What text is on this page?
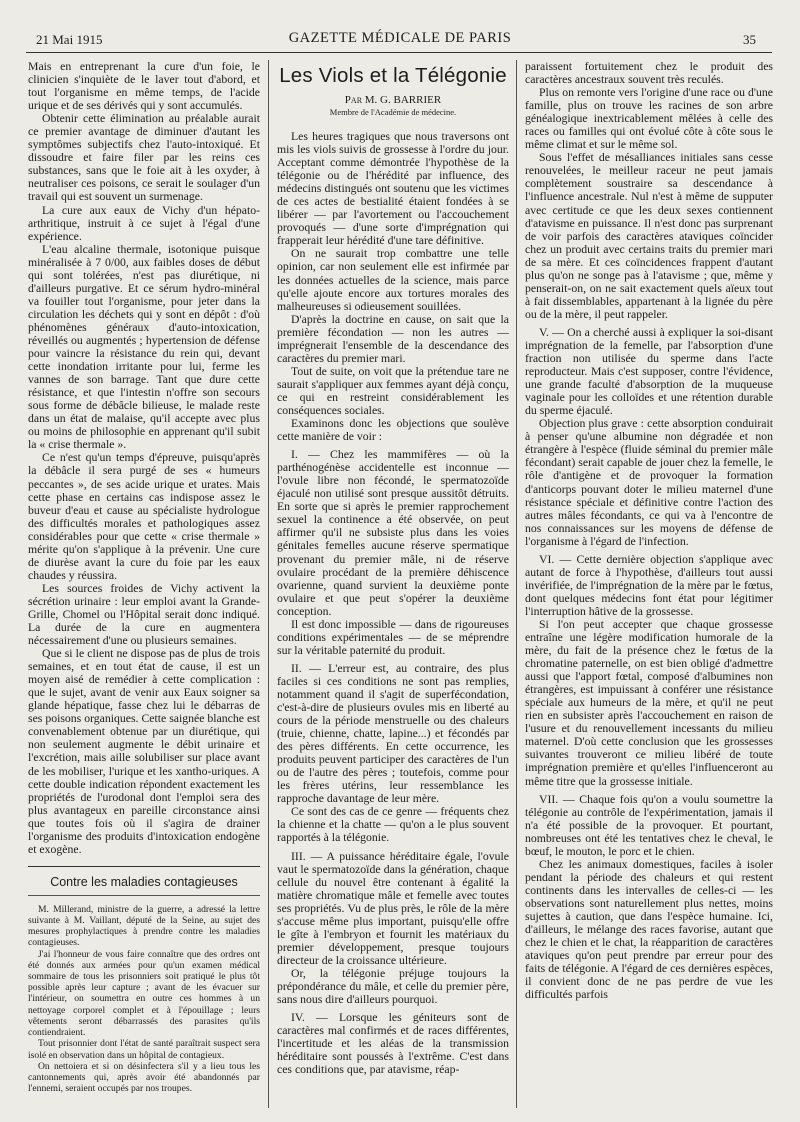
21 Mai 1915	GAZETTE MÉDICALE DE PARIS	35

Mais en entreprenant la cure d'un foie, le clinicien s'inquiète de le laver tout d'abord, et tout l'organisme en même temps, de l'acide urique et de ses dérivés qui y sont accumulés.

Obtenir cette élimination au préalable aurait ce premier avantage de diminuer d'autant les symptômes subjectifs chez l'auto-intoxiqué. Et dissoudre et faire filer par les reins ces substances, sans que le foie ait à les oxyder, à neutraliser ces poisons, ce serait le soulager d'un travail qui est souvent un surmenage.

La cure aux eaux de Vichy d'un hépato-arthritique, instruit à ce sujet à l'égal d'une expérience.

L'eau alcaline thermale, isotonique puisque minéralisée à 7 0/00, aux faibles doses de début qui sont tolérées, n'est pas diurétique, ni d'ailleurs purgative. Et ce sérum hydro-minéral va fouiller tout l'organisme, pour jeter dans la circulation les déchets qui y sont en dépôt : d'où phénomènes généraux d'auto-intoxication, réveillés ou augmentés ; hypertension de défense pour vaincre la résistance du rein qui, devant cette inondation irritante pour lui, ferme les vannes de son barrage. Tant que dure cette résistance, et que l'intestin n'offre son secours sous forme de débâcle bilieuse, le malade reste dans un état de malaise, qu'il accepte avec plus ou moins de philosophie en apprenant qu'il subit la « crise thermale ».

Ce n'est qu'un temps d'épreuve, puisqu'après la débâcle il sera purgé de ses « humeurs peccantes », de ses acide urique et urates. Mais cette phase en certains cas indispose assez le buveur d'eau et cause au spécialiste hydrologue des difficultés morales et pathologiques assez considérables pour que cette « crise thermale » mérite qu'on s'applique à la prévenir. Une cure de diurèse avant la cure du foie par les eaux chaudes y réussira.

Les sources froides de Vichy activent la sécrétion urinaire : leur emploi avant la Grande-Grille, Chomel ou l'Hôpital serait donc indiqué. La durée de la cure en augmentera nécessairement d'une ou plusieurs semaines.

Que si le client ne dispose pas de plus de trois semaines, et en tout état de cause, il est un moyen aisé de remédier à cette complication : que le sujet, avant de venir aux Eaux soigner sa glande hépatique, fasse chez lui le débarras de ses poisons organiques. Cette saignée blanche est convenablement obtenue par un diurétique, qui non seulement augmente le débit urinaire et l'excrétion, mais aille solubiliser sur place avant de les mobiliser, l'urique et les xantho-uriques. A cette double indication répondent exactement les propriétés de l'urodonal dont l'emploi sera des plus avantageux en pareille circonstance ainsi que toutes fois où il s'agira de drainer l'organisme des produits d'intoxication endogène et exogène.

Contre les maladies contagieuses

M. Millerand, ministre de la guerre, a adressé la lettre suivante à M. Vaillant, député de la Seine, au sujet des mesures prophylactiques à prendre contre les maladies contagieuses.

J'ai l'honneur de vous faire connaître que des ordres ont été donnés aux armées pour qu'un examen médical sommaire de tous les prisonniers soit pratiqué le plus tôt possible après leur capture ; avant de les évacuer sur l'intérieur, on soumettra en outre ces hommes à un nettoyage corporel complet et à l'épouillage ; leurs vêtements seront débarrassés des parasites qu'ils contiendraient.

Tout prisonnier dont l'état de santé paraîtrait suspect sera isolé en observation dans un hôpital de contagieux.

On nettoiera et si on désinfectera s'il y a lieu tous les cantonnements qui, après avoir été abandonnés par l'ennemi, seraient occupés par nos troupes.

Les Viols et la Télégonie
Par M. G. BARRIER
Membre de l'Académie de médecine.

Les heures tragiques que nous traversons ont mis les viols suivis de grossesse à l'ordre du jour. Acceptant comme démontrée l'hypothèse de la télégonie ou de l'hérédité par influence, des médecins distingués ont soutenu que les victimes de ces actes de bestialité étaient fondées à se libérer — par l'avortement ou l'accouchement provoqués — d'une sorte d'imprégnation qui frapperait leur hérédité d'une tare définitive.

On ne saurait trop combattre une telle opinion, car non seulement elle est infirmée par les données actuelles de la science, mais parce qu'elle ajoute encore aux tortures morales des malheureuses si odieusement souillées.

D'après la doctrine en cause, on sait que la première fécondation — non les autres — imprégnerait l'ensemble de la descendance des caractères du premier mari.

Tout de suite, on voit que la prétendue tare ne saurait s'appliquer aux femmes ayant déjà conçu, ce qui en restreint considérablement les conséquences sociales.

Examinons donc les objections que soulève cette manière de voir :

I. — Chez les mammifères — où la parthénogénèse accidentelle est inconnue — l'ovule libre non fécondé, le spermatozoïde éjaculé non utilisé sont presque aussitôt détruits. En sorte que si après le premier rapprochement sexuel la continence a été observée, on peut affirmer qu'il ne subsiste plus dans les voies génitales femelles aucune réserve spermatique provenant du premier mâle, ni de réserve ovulaire procédant de la première déhiscence ovarienne, quand survient la deuxième ponte ovulaire et que peut s'opérer la deuxième conception.

Il est donc impossible — dans de rigoureuses conditions expérimentales — de se méprendre sur la véritable paternité du produit.

II. — L'erreur est, au contraire, des plus faciles si ces conditions ne sont pas remplies, notamment quand il s'agit de superfécondation, c'est-à-dire de plusieurs ovules mis en liberté au cours de la période menstruelle ou des chaleurs (truie, chienne, chatte, lapine...) et fécondés par des pères différents. En cette occurrence, les produits peuvent participer des caractères de l'un ou de l'autre des pères ; toutefois, comme pour les frères utérins, leur ressemblance les rapproche davantage de leur mère.

Ce sont des cas de ce genre — fréquents chez la chienne et la chatte — qu'on a le plus souvent rapportés à la télégonie.

III. — A puissance héréditaire égale, l'ovule vaut le spermatozoïde dans la génération, chaque cellule du nouvel être contenant à égalité la matière chromatique mâle et femelle avec toutes ses propriétés. Vu de plus près, le rôle de la mère s'accuse même plus important, puisqu'elle offre le gîte à l'embryon et fournit les matériaux du premier développement, presque toujours directeur de la croissance ultérieure.

Or, la télégonie préjuge toujours la prépondérance du mâle, et celle du premier père, sans nous dire d'ailleurs pourquoi.

IV. — Lorsque les géniteurs sont de caractères mal confirmés et de races différentes, l'incertitude et les aléas de la transmission héréditaire sont poussés à l'extrême. C'est dans ces conditions que, par atavisme, réap-

paraissent fortuitement chez le produit des caractères ancestraux souvent très reculés.

Plus on remonte vers l'origine d'une race ou d'une famille, plus on trouve les racines de son arbre généalogique inextricablement mêlées à celle des races ou familles qui ont évolué côte à côte sous le même climat et sur le même sol.

Sous l'effet de mésalliances initiales sans cesse renouvelées, le meilleur raceur ne peut jamais complètement soustraire sa descendance à l'influence ancestrale. Nul n'est à même de supputer avec certitude ce que les deux sexes contiennent d'atavisme en puissance. Il n'est donc pas surprenant de voir parfois des caractères ataviques coïncider chez un produit avec certains traits du premier mari de sa mère. Et ces coïncidences frappent d'autant plus qu'on ne songe pas à l'atavisme ; que, même y penserait-on, on ne sait exactement quels aïeux tout à fait dissemblables, appartenant à la lignée du père ou de la mère, il peut rappeler.

V. — On a cherché aussi à expliquer la soi-disant imprégnation de la femelle, par l'absorption d'une fraction non utilisée du sperme dans l'acte reproducteur. Mais c'est supposer, contre l'évidence, une grande faculté d'absorption de la muqueuse vaginale pour les colloïdes et une rétention durable du sperme éjaculé.

Objection plus grave : cette absorption conduirait à penser qu'une albumine non dégradée et non étrangère à l'espèce (fluide séminal du premier mâle fécondant) serait capable de jouer chez la femelle, le rôle d'antigène et de provoquer la formation d'anticorps pouvant doter le milieu maternel d'une résistance spéciale et définitive contre l'action des autres mâles fécondants, ce qui va à l'encontre de nos connaissances sur les moyens de défense de l'organisme à l'égard de l'infection.

VI. — Cette dernière objection s'applique avec autant de force à l'hypothèse, d'ailleurs tout aussi invérifiée, de l'imprégnation de la mère par le fœtus, dont quelques médecins font état pour légitimer l'interruption hâtive de la grossesse.

Si l'on peut accepter que chaque grossesse entraîne une légère modification humorale de la mère, du fait de la présence chez le fœtus de la chromatine paternelle, on est bien obligé d'admettre aussi que l'apport fœtal, composé d'albumines non étrangères, est impuissant à conférer une résistance spéciale aux humeurs de la mère, et qu'il ne peut rien en subsister après l'accouchement en raison de l'usure et du renouvellement incessants du milieu maternel. D'où cette conclusion que les grossesses suivantes trouveront ce milieu libéré de toute imprégnation première et qu'elles l'influenceront au même titre que la grossesse initiale.

VII. — Chaque fois qu'on a voulu soumettre la télégonie au contrôle de l'expérimentation, jamais il n'a été possible de la provoquer. Et pourtant, nombreuses ont été les tentatives chez le cheval, le bœuf, le mouton, le porc et le chien.

Chez les animaux domestiques, faciles à isoler pendant la période des chaleurs et qui restent continents dans les intervalles de celles-ci — les observations sont naturellement plus nettes, moins sujettes à caution, que dans l'espèce humaine. Ici, d'ailleurs, le mélange des races favorise, autant que chez le chien et le chat, la réapparition de caractères ataviques qu'on peut prendre par erreur pour des faits de télégonie. A l'égard de ces dernières espèces, il convient donc de ne pas perdre de vue les difficultés parfois
